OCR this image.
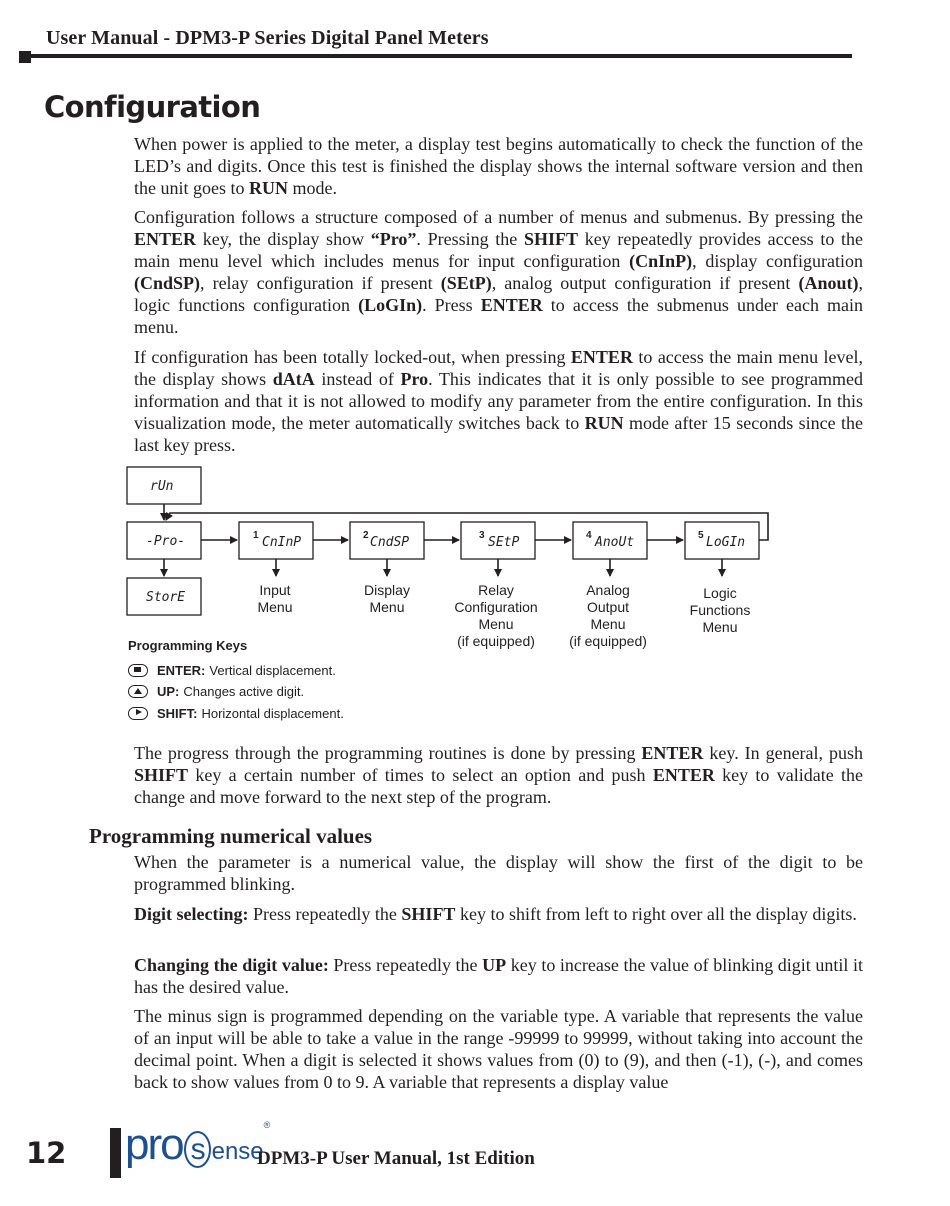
User Manual - DPM3-P Series Digital Panel Meters
Configuration

When power is applied to the meter, a display test begins automatically to check the function of the LED’s and digits. Once this test is finished the display shows the internal software version and then the unit goes to RUN mode.

Configuration follows a structure composed of a number of menus and submenus. By pressing the ENTER key, the display show “Pro”. Pressing the SHIFT key repeatedly provides access to the main menu level which includes menus for input configuration (CnInP), display configuration (CndSP), relay configuration if present (SEtP), analog output configuration if present (Anout), logic functions configuration (LoGIn). Press ENTER to access the submenus under each main menu.

If configuration has been totally locked-out, when pressing ENTER to access the main menu level, the display shows dAtA instead of Pro. This indicates that it is only possible to see programmed information and that it is not allowed to modify any parameter from the entire configuration. In this visualization mode, the meter automatically switches back to RUN mode after 15 seconds since the last key press.

rUn
-Pro-
StorE
1 CnInP	2 CndSP	3 SEtP	4 AnoUt	5 LoGIn
Input
Menu
Display
Menu
Relay
Configuration
Menu
(if equipped)
Analog
Output
Menu
(if equipped)
Logic
Functions
Menu
Programming Keys
ENTER: Vertical displacement.
UP: Changes active digit.
SHIFT: Horizontal displacement.

The progress through the programming routines is done by pressing ENTER key. In general, push SHIFT key a certain number of times to select an option and push ENTER key to validate the change and move forward to the next step of the program.

Programming numerical values

When the parameter is a numerical value, the display will show the first of the digit to be programmed blinking.

Digit selecting: Press repeatedly the SHIFT key to shift from left to right over all the display digits.

Changing the digit value: Press repeatedly the UP key to increase the value of blinking digit until it has the desired value.

The minus sign is programmed depending on the variable type. A variable that represents the value of an input will be able to take a value in the range -99999 to 99999, without taking into account the decimal point. When a digit is selected it shows values from (0) to (9), and then (-1), (-), and comes back to show values from 0 to 9. A variable that represents a display value

12 pro s ense®
DPM3-P User Manual, 1st Edition
